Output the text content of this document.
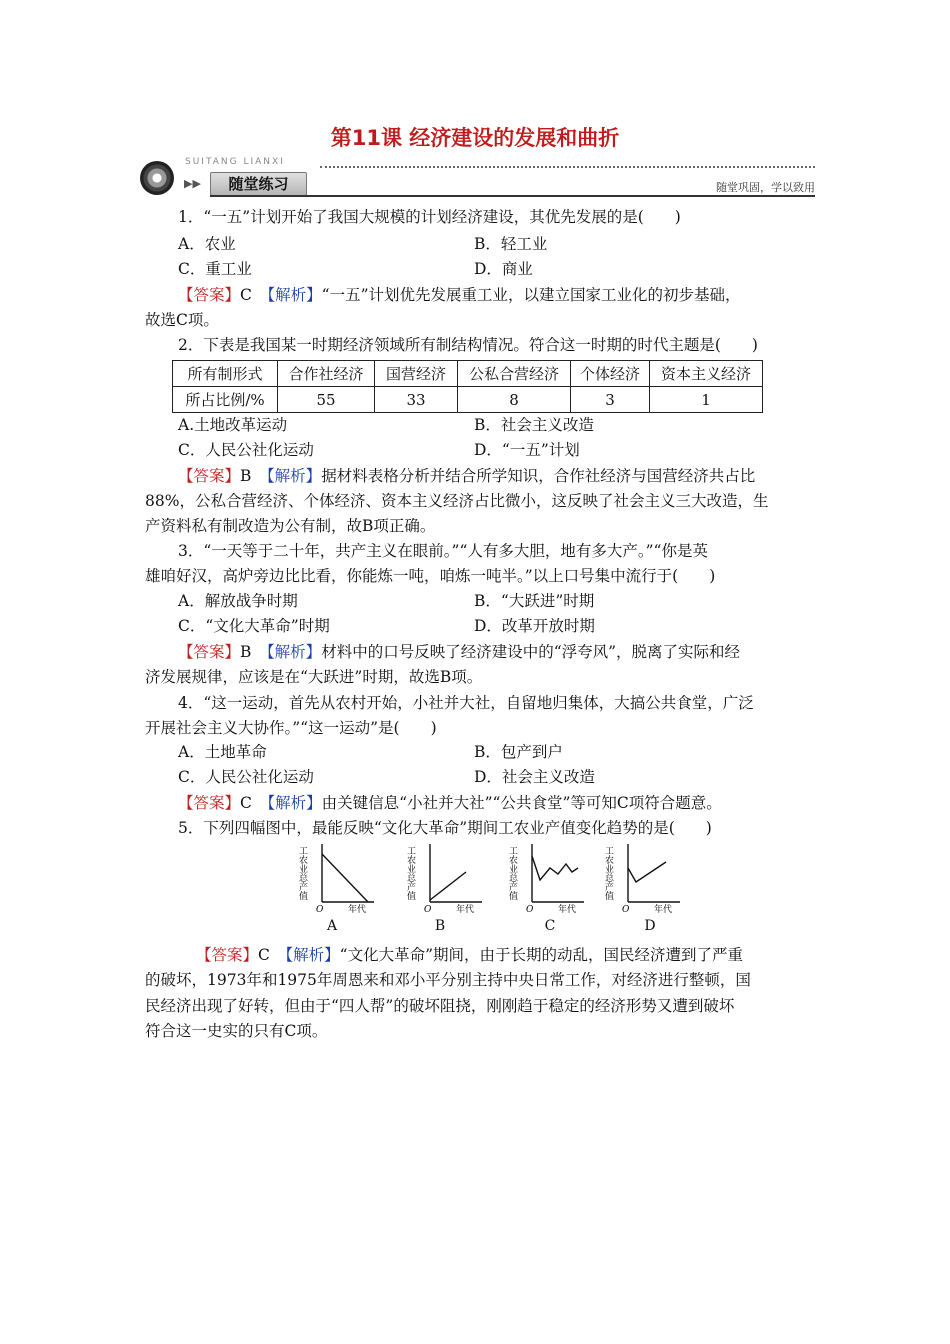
第11课 经济建设的发展和曲折
SUITANG LIANXI
▶▶	随堂练习	随堂巩固，学以致用
1．“一五”计划开始了我国大规模的计划经济建设，其优先发展的是(　　)
A．农业	B．轻工业
C．重工业	D．商业
【答案】C　 【解析】“一五”计划优先发展重工业，以建立国家工业化的初步基础，
故选C项。
2．下表是我国某一时期经济领域所有制结构情况。符合这一时期的时代主题是(　　)
所有制形式	合作社经济	国营经济	公私合营经济	个体经济	资本主义经济
所占比例/%	55	33	8	3	1
A.土地改革运动	B．社会主义改造
C．人民公社化运动	D．“一五”计划
【答案】B　 【解析】据材料表格分析并结合所学知识，合作社经济与国营经济共占比
88%，公私合营经济、个体经济、资本主义经济占比微小，这反映了社会主义三大改造，生
产资料私有制改造为公有制，故B项正确。
3．“一天等于二十年，共产主义在眼前。”“人有多大胆，地有多大产。”“你是英
雄咱好汉，高炉旁边比比看，你能炼一吨，咱炼一吨半。”以上口号集中流行于(　　)
A．解放战争时期	B．“大跃进”时期
C．“文化大革命”时期	D．改革开放时期
【答案】B　 【解析】材料中的口号反映了经济建设中的“浮夸风”，脱离了实际和经
济发展规律，应该是在“大跃进”时期，故选B项。
4．“这一运动，首先从农村开始，小社并大社，自留地归集体，大搞公共食堂，广泛
开展社会主义大协作。”“这一运动”是(　　)
A．土地革命	B．包产到户
C．人民公社化运动	D．社会主义改造
【答案】C　 【解析】由关键信息“小社并大社”“公共食堂”等可知C项符合题意。
5．下列四幅图中，最能反映“文化大革命”期间工农业产值变化趋势的是(　　)
工农业总产值
O	年代
工农业总产值
O	年代
工农业总产值
O	年代
工农业总产值
O	年代
A	B	C	D
【答案】C　 【解析】“文化大革命”期间，由于长期的动乱，国民经济遭到了严重
的破坏，1973年和1975年周恩来和邓小平分别主持中央日常工作，对经济进行整顿，国
民经济出现了好转，但由于“四人帮”的破坏阻挠，刚刚趋于稳定的经济形势又遭到破坏
符合这一史实的只有C项。
